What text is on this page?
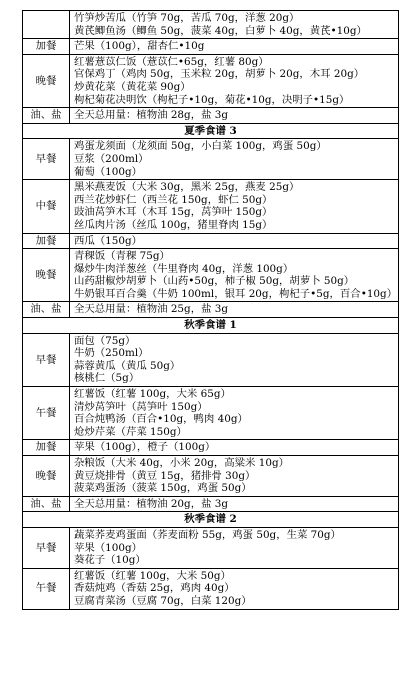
	竹笋炒苦瓜（竹笋 70g，苦瓜 70g，洋葱 20g）
黄芪鲫鱼汤（鲫鱼 50g，菠菜 40g，白萝卜 40g，黄芪•10g）

加餐	芒果（100g），甜杏仁•10g

晚餐	红薯薏苡仁饭（薏苡仁•65g，红薯 80g）
官保鸡丁（鸡肉 50g，玉米粒 20g，胡萝卜 20g，木耳 20g）
炒黄花菜（黄花菜 90g）
枸杞菊花决明饮（枸杞子•10g，菊花•10g，决明子•15g）

油、盐	全天总用量：植物油 28g，盐 3g

夏季食谱 3	
早餐	鸡蛋龙须面（龙须面 50g，小白菜 100g，鸡蛋 50g）
豆浆（200ml）
葡萄（100g）

中餐	黑米燕麦饭（大米 30g，黑米 25g，燕麦 25g）
西兰花炒虾仁（西兰花 150g，虾仁 50g）
豉油莴笋木耳（木耳 15g，莴笋叶 150g）
丝瓜肉片汤（丝瓜 100g，猪里脊肉 15g）

加餐	西瓜（150g）

晚餐	青稞饭（青稞 75g）
爆炒牛肉洋葱丝（牛里脊肉 40g，洋葱 100g）
山药甜椒炒胡萝卜（山药•50g，柿子椒 50g，胡萝卜 50g）
牛奶银耳百合羹（牛奶 100ml，银耳 20g，枸杞子•5g，百合•10g）

油、盐	全天总用量：植物油 25g，盐 3g

秋季食谱 1	
早餐	面包（75g）
牛奶（250ml）
蒜蓉黄瓜（黄瓜 50g）
核桃仁（5g）

午餐	红薯饭（红薯 100g，大米 65g）
清炒莴笋叶（莴笋叶 150g）
百合炖鸭汤（百合•10g，鸭肉 40g）
炝炒芹菜（芹菜 150g）

加餐	苹果（100g），橙子（100g）

晚餐	杂粮饭（大米 40g，小米 20g，高粱米 10g）
黄豆烧排骨（黄豆 15g，猪排骨 30g）
菠菜鸡蛋汤（菠菜 150g，鸡蛋 50g）

油、盐	全天总用量：植物油 20g，盐 3g

秋季食谱 2	
早餐	蔬菜荞麦鸡蛋面（荞麦面粉 55g，鸡蛋 50g，生菜 70g）
苹果（100g）
葵花子（10g）

午餐	红薯饭（红薯 100g，大米 50g）
香菇炖鸡（香菇 25g，鸡肉 40g）
豆腐青菜汤（豆腐 70g，白菜 120g）
